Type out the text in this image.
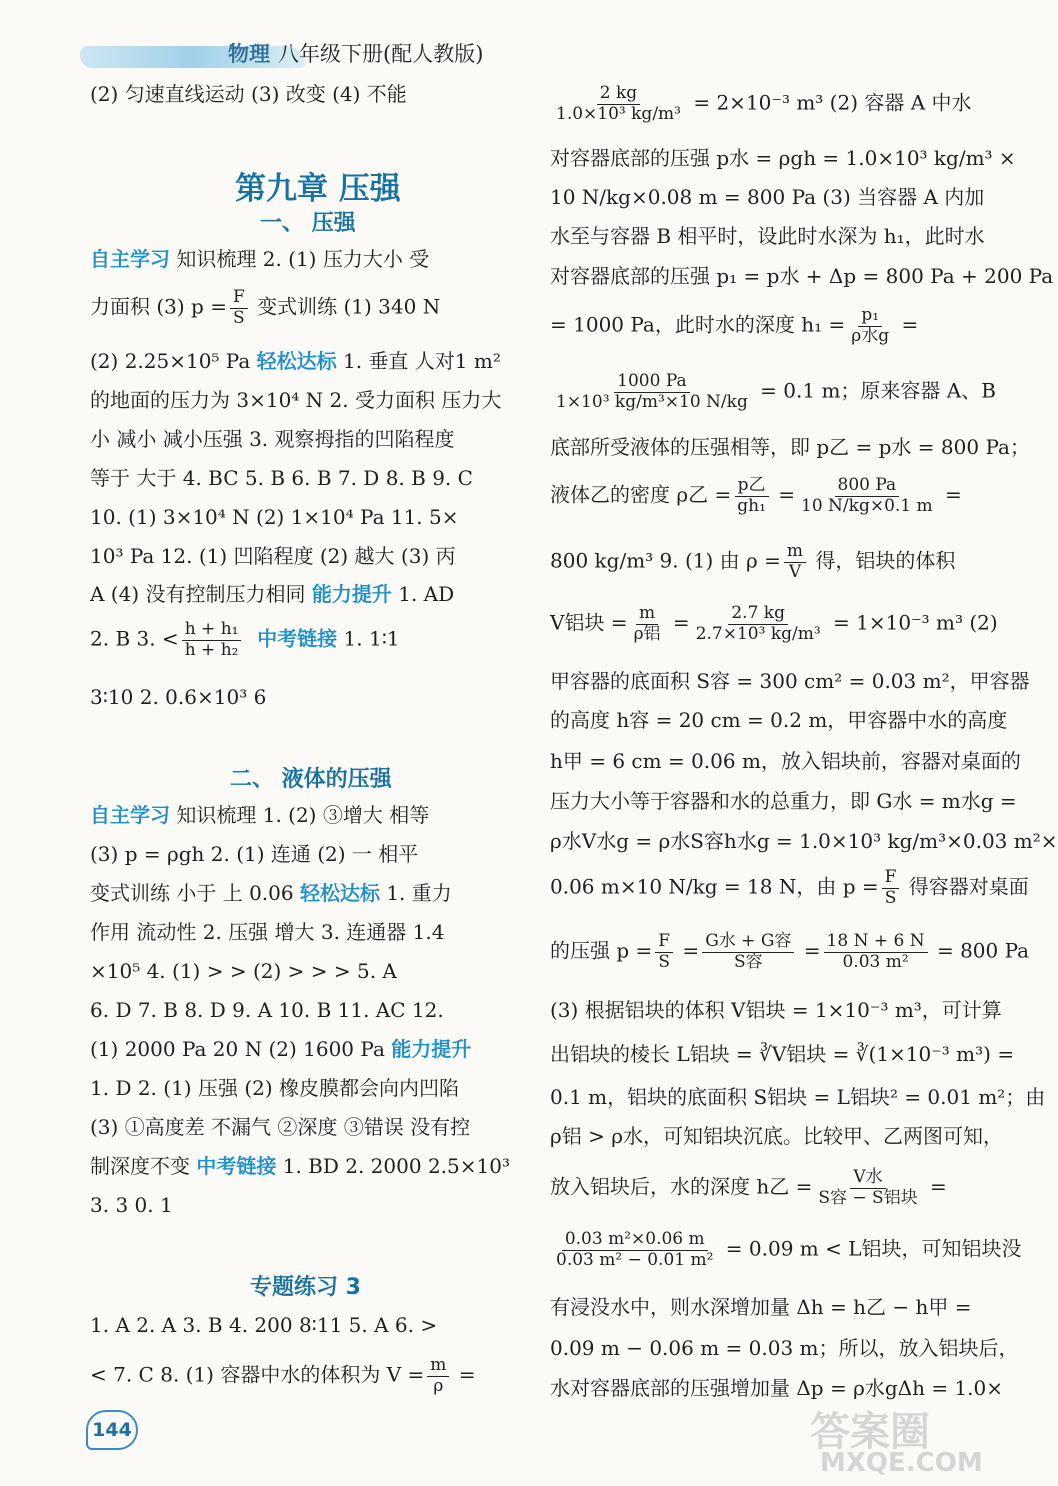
物理 八年级下册(配人教版)
(2) 匀速直线运动 (3) 改变 (4) 不能
第九章 压强
一、 压强
自主学习 知识梳理 2. (1) 压力大小 受
力面积 (3) $p = \frac{F}{S}$ 变式训练 (1) 340 N
(2) 2.25×10⁵ Pa 轻松达标 1. 垂直 人对1 m²
的地面的压力为 3×10⁴ N 2. 受力面积 压力大
小 减小 减小压强 3. 观察拇指的凹陷程度
等于 大于 4. BC 5. B 6. B 7. D 8. B 9. C
10. (1) 3×10⁴ N (2) 1×10⁴ Pa 11. 5×
10³ Pa 12. (1) 凹陷程度 (2) 越大 (3) 丙
A (4) 没有控制压力相同 能力提升 1. AD
2. B 3. < $\frac{\text{h + h₁}}{\text{h + h₂}}$ 中考链接 1. 1∶1
3∶10 2. 0.6×10³ 6
二、 液体的压强
自主学习 知识梳理 1. (2) ③增大 相等
(3) p = ρgh 2. (1) 连通 (2) 一 相平
变式训练 小于 上 0.06 轻松达标 1. 重力
作用 流动性 2. 压强 增大 3. 连通器 1.4
×10⁵ 4. (1) > > (2) > > > 5. A
6. D 7. B 8. D 9. A 10. B 11. AC 12.
(1) 2000 Pa 20 N (2) 1600 Pa 能力提升
1. D 2. (1) 压强 (2) 橡皮膜都会向内凹陷
(3) ①高度差 不漏气 ②深度 ③错误 没有控
制深度不变 中考链接 1. BD 2. 2000 2.5×10³
3. 3 0. 1
专题练习 3
1. A 2. A 3. B 4. 200 8∶11 5. A 6. >
< 7. C 8. (1) 容器中水的体积为 $V = \frac{m}{\rho}$ =
$\frac{2 kg}{\text{1.0×10³ kg/m³}} = 2\times 10^{-3}$ m³ (2) 容器 A 中水
对容器底部的压强 p水 = ρgh = 1.0×10³ kg/m³ ×
10 N/kg×0.08 m = 800 Pa (3) 当容器 A 内加
水至与容器 B 相平时，设此时水深为 h₁，此时水
对容器底部的压强 p₁ = p水 + Δp = 800 Pa + 200 Pa
= 1000 Pa，此时水的深度 $h_1 = \frac{\text{p₁}}{\text{ρ水g}}$ =
$\frac{1000 Pa}{\text{1×10³ kg/m³×10 N/kg}} = 0.1$ m；原来容器 A、B
底部所受液体的压强相等，即 p乙 = p水 = 800 Pa；
液体乙的密度 ρ乙 = $\frac{\text{p乙}}{\text{gh₁}} = \frac{800 Pa}{10 N/kg\times 0.1 m}$ =
800 kg/m³ 9. (1) 由 $\rho = \frac{m}{V}$ 得，铝块的体积
V铝块 = $\frac{m}{\text{ρ铝}} = \frac{2.7 kg}{\text{2.7×10³ kg/m³}} = 1\times 10^{-3}$ m³ (2)
甲容器的底面积 S容 = 300 cm² = 0.03 m²，甲容器
的高度 h容 = 20 cm = 0.2 m，甲容器中水的高度
h甲 = 6 cm = 0.06 m，放入铝块前，容器对桌面的
压力大小等于容器和水的总重力，即 G水 = m水g =
ρ水V水g = ρ水S容h水g = 1.0×10³ kg/m³×0.03 m²×
0.06 m×10 N/kg = 18 N，由 $p = \frac{F}{S}$ 得容器对桌面
的压强 $p = \frac{F}{S} = \frac{\text{G水 + G容}}{\text{S容}} = \frac{18 N + 6 N}{\text{0.03 m²}} = 800$ Pa
(3) 根据铝块的体积 V铝块 = 1×10⁻³ m³，可计算
出铝块的棱长 L铝块 = ∛V铝块 = ∛(1×10⁻³ m³) =
0.1 m，铝块的底面积 S铝块 = L铝块² = 0.01 m²；由
ρ铝 > ρ水，可知铝块沉底。比较甲、乙两图可知，
放入铝块后，水的深度 h乙 = $\frac{\text{V水}}{\text{S容 − S铝块}}$ =
$\frac{\text{0.03 m²×0.06 m}}{\text{0.03 m² − 0.01 m²}} = 0.09$ m < L铝块，可知铝块没
有浸没水中，则水深增加量 Δh = h乙 − h甲 =
0.09 m − 0.06 m = 0.03 m；所以，放入铝块后，
水对容器底部的压强增加量 Δp = ρ水gΔh = 1.0×
144	答案圈
MXQE.COM
